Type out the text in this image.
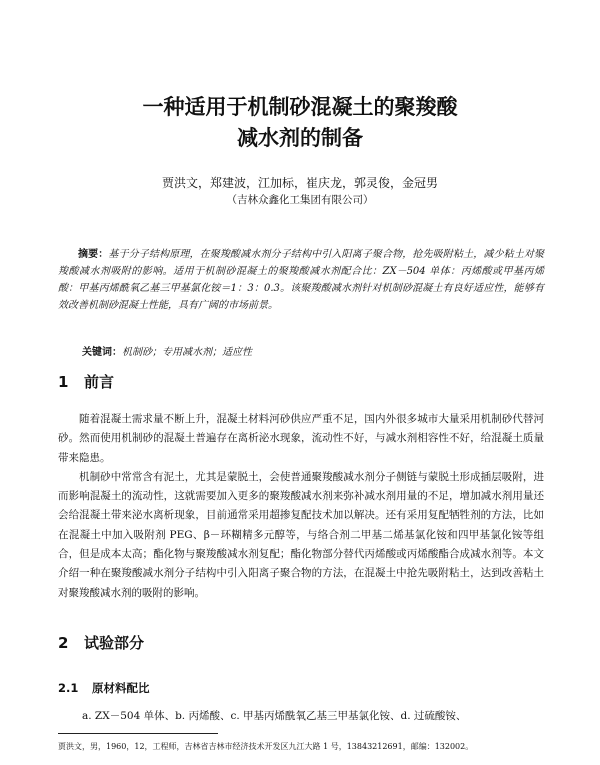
一种适用于机制砂混凝土的聚羧酸
减水剂的制备
贾洪文，郑建波，江加标，崔庆龙，郭灵俊，金冠男
（吉林众鑫化工集团有限公司）
摘要：基于分子结构原理，在聚羧酸减水剂分子结构中引入阳离子聚合物，抢先吸附粘土，减少粘土对聚羧酸减水剂吸附的影响。适用于机制砂混凝土的聚羧酸减水剂配合比：ZX－504 单体：丙烯酸或甲基丙烯酸：甲基丙烯酰氧乙基三甲基氯化铵＝1：3：0.3。该聚羧酸减水剂针对机制砂混凝土有良好适应性，能够有效改善机制砂混凝土性能，具有广阔的市场前景。
关键词：机制砂；专用减水剂；适应性
1 前言

随着混凝土需求量不断上升，混凝土材料河砂供应严重不足，国内外很多城市大量采用机制砂代替河砂。然而使用机制砂的混凝土普遍存在离析泌水现象，流动性不好，与减水剂相容性不好，给混凝土质量带来隐患。

机制砂中常常含有泥土，尤其是蒙脱土，会使普通聚羧酸减水剂分子侧链与蒙脱土形成插层吸附，进而影响混凝土的流动性，这就需要加入更多的聚羧酸减水剂来弥补减水剂用量的不足，增加减水剂用量还会给混凝土带来泌水离析现象，目前通常采用超掺复配技术加以解决。还有采用复配牺牲剂的方法，比如在混凝土中加入吸附剂 PEG、β－环糊精多元醇等，与络合剂二甲基二烯基氯化铵和四甲基氯化铵等组合，但是成本太高；酯化物与聚羧酸减水剂复配；酯化物部分替代丙烯酸或丙烯酸酯合成减水剂等。本文介绍一种在聚羧酸减水剂分子结构中引入阳离子聚合物的方法，在混凝土中抢先吸附粘土，达到改善粘土对聚羧酸减水剂的吸附的影响。

2 试验部分
2.1 原材料配比
a. ZX－504 单体、b. 丙烯酸、c. 甲基丙烯酰氧乙基三甲基氯化铵、d. 过硫酸铵、
贾洪文，男，1960，12，工程师，吉林省吉林市经济技术开发区九江大路 1 号，13843212691，邮编：132002。
